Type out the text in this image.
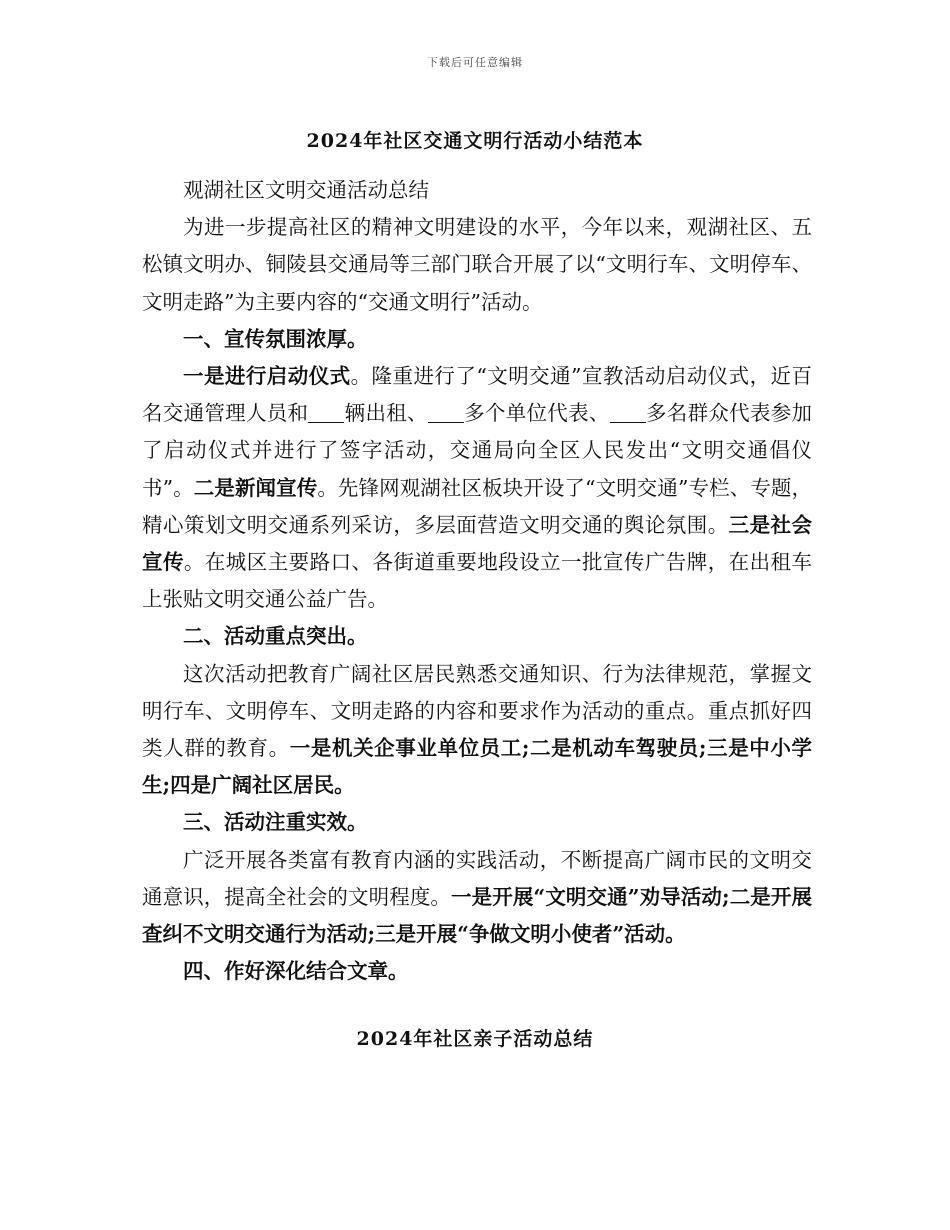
下载后可任意编辑
2024年社区交通文明行活动小结范本

观湖社区文明交通活动总结

为进一步提高社区的精神文明建设的水平，今年以来，观湖社区、五松镇文明办、铜陵县交通局等三部门联合开展了以“文明行车、文明停车、文明走路”为主要内容的“交通文明行”活动。

一、宣传氛围浓厚。

一是进行启动仪式。隆重进行了“文明交通”宣教活动启动仪式，近百名交通管理人员和 辆出租、 多个单位代表、 多名群众代表参加了启动仪式并进行了签字活动，交通局向全区人民发出“文明交通倡仪书”。二是新闻宣传。先锋网观湖社区板块开设了“文明交通”专栏、专题，精心策划文明交通系列采访，多层面营造文明交通的舆论氛围。三是社会宣传。在城区主要路口、各街道重要地段设立一批宣传广告牌，在出租车上张贴文明交通公益广告。

二、活动重点突出。

这次活动把教育广阔社区居民熟悉交通知识、行为法律规范，掌握文明行车、文明停车、文明走路的内容和要求作为活动的重点。重点抓好四类人群的教育。一是机关企事业单位员工;二是机动车驾驶员;三是中小学生;四是广阔社区居民。

三、活动注重实效。

广泛开展各类富有教育内涵的实践活动，不断提高广阔市民的文明交通意识，提高全社会的文明程度。一是开展“文明交通”劝导活动;二是开展查纠不文明交通行为活动;三是开展“争做文明小使者”活动。

四、作好深化结合文章。

2024年社区亲子活动总结
